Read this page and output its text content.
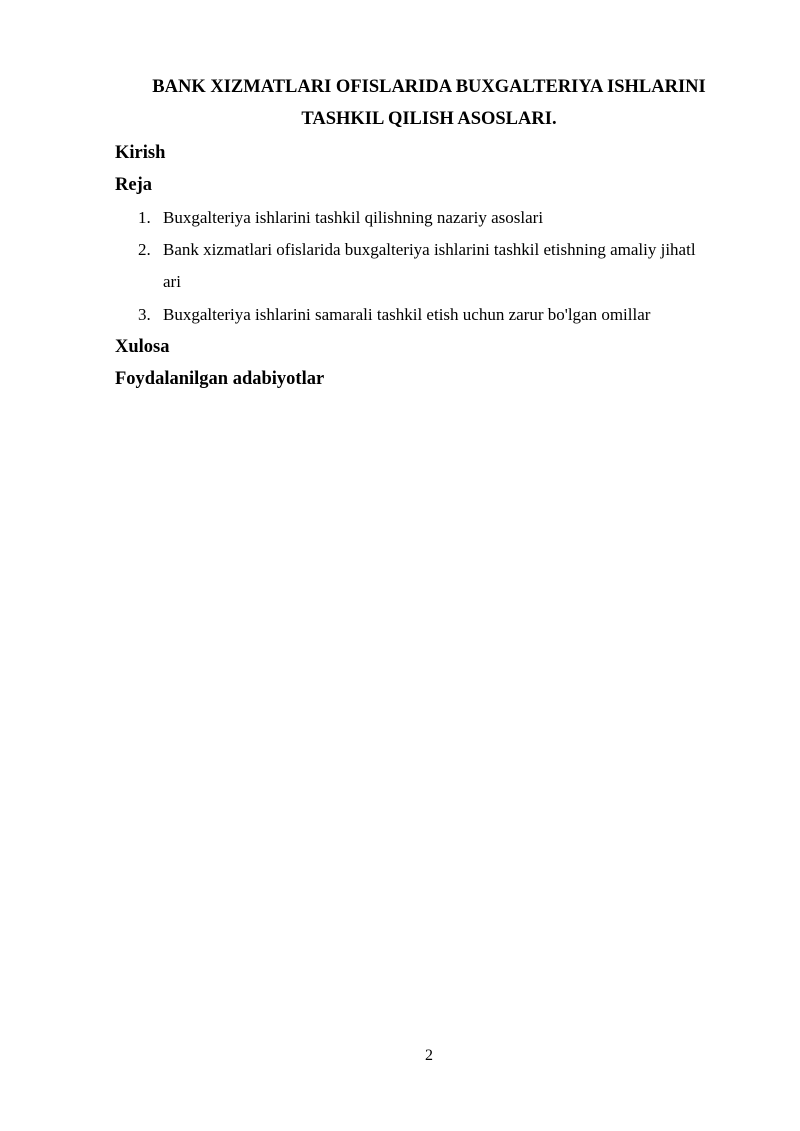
BANK XIZMATLARI OFISLARIDA BUXGALTERIYA ISHLARINI
TASHKIL QILISH ASOSLARI.
Kirish
Reja
1. Buxgalteriya ishlarini tashkil qilishning nazariy asoslari
2. Bank xizmatlari ofislarida buxgalteriya ishlarini tashkil etishning amaliy jihatl
ari
3. Buxgalteriya ishlarini samarali tashkil etish uchun zarur bo'lgan omillar
Xulosa
Foydalanilgan adabiyotlar
2
